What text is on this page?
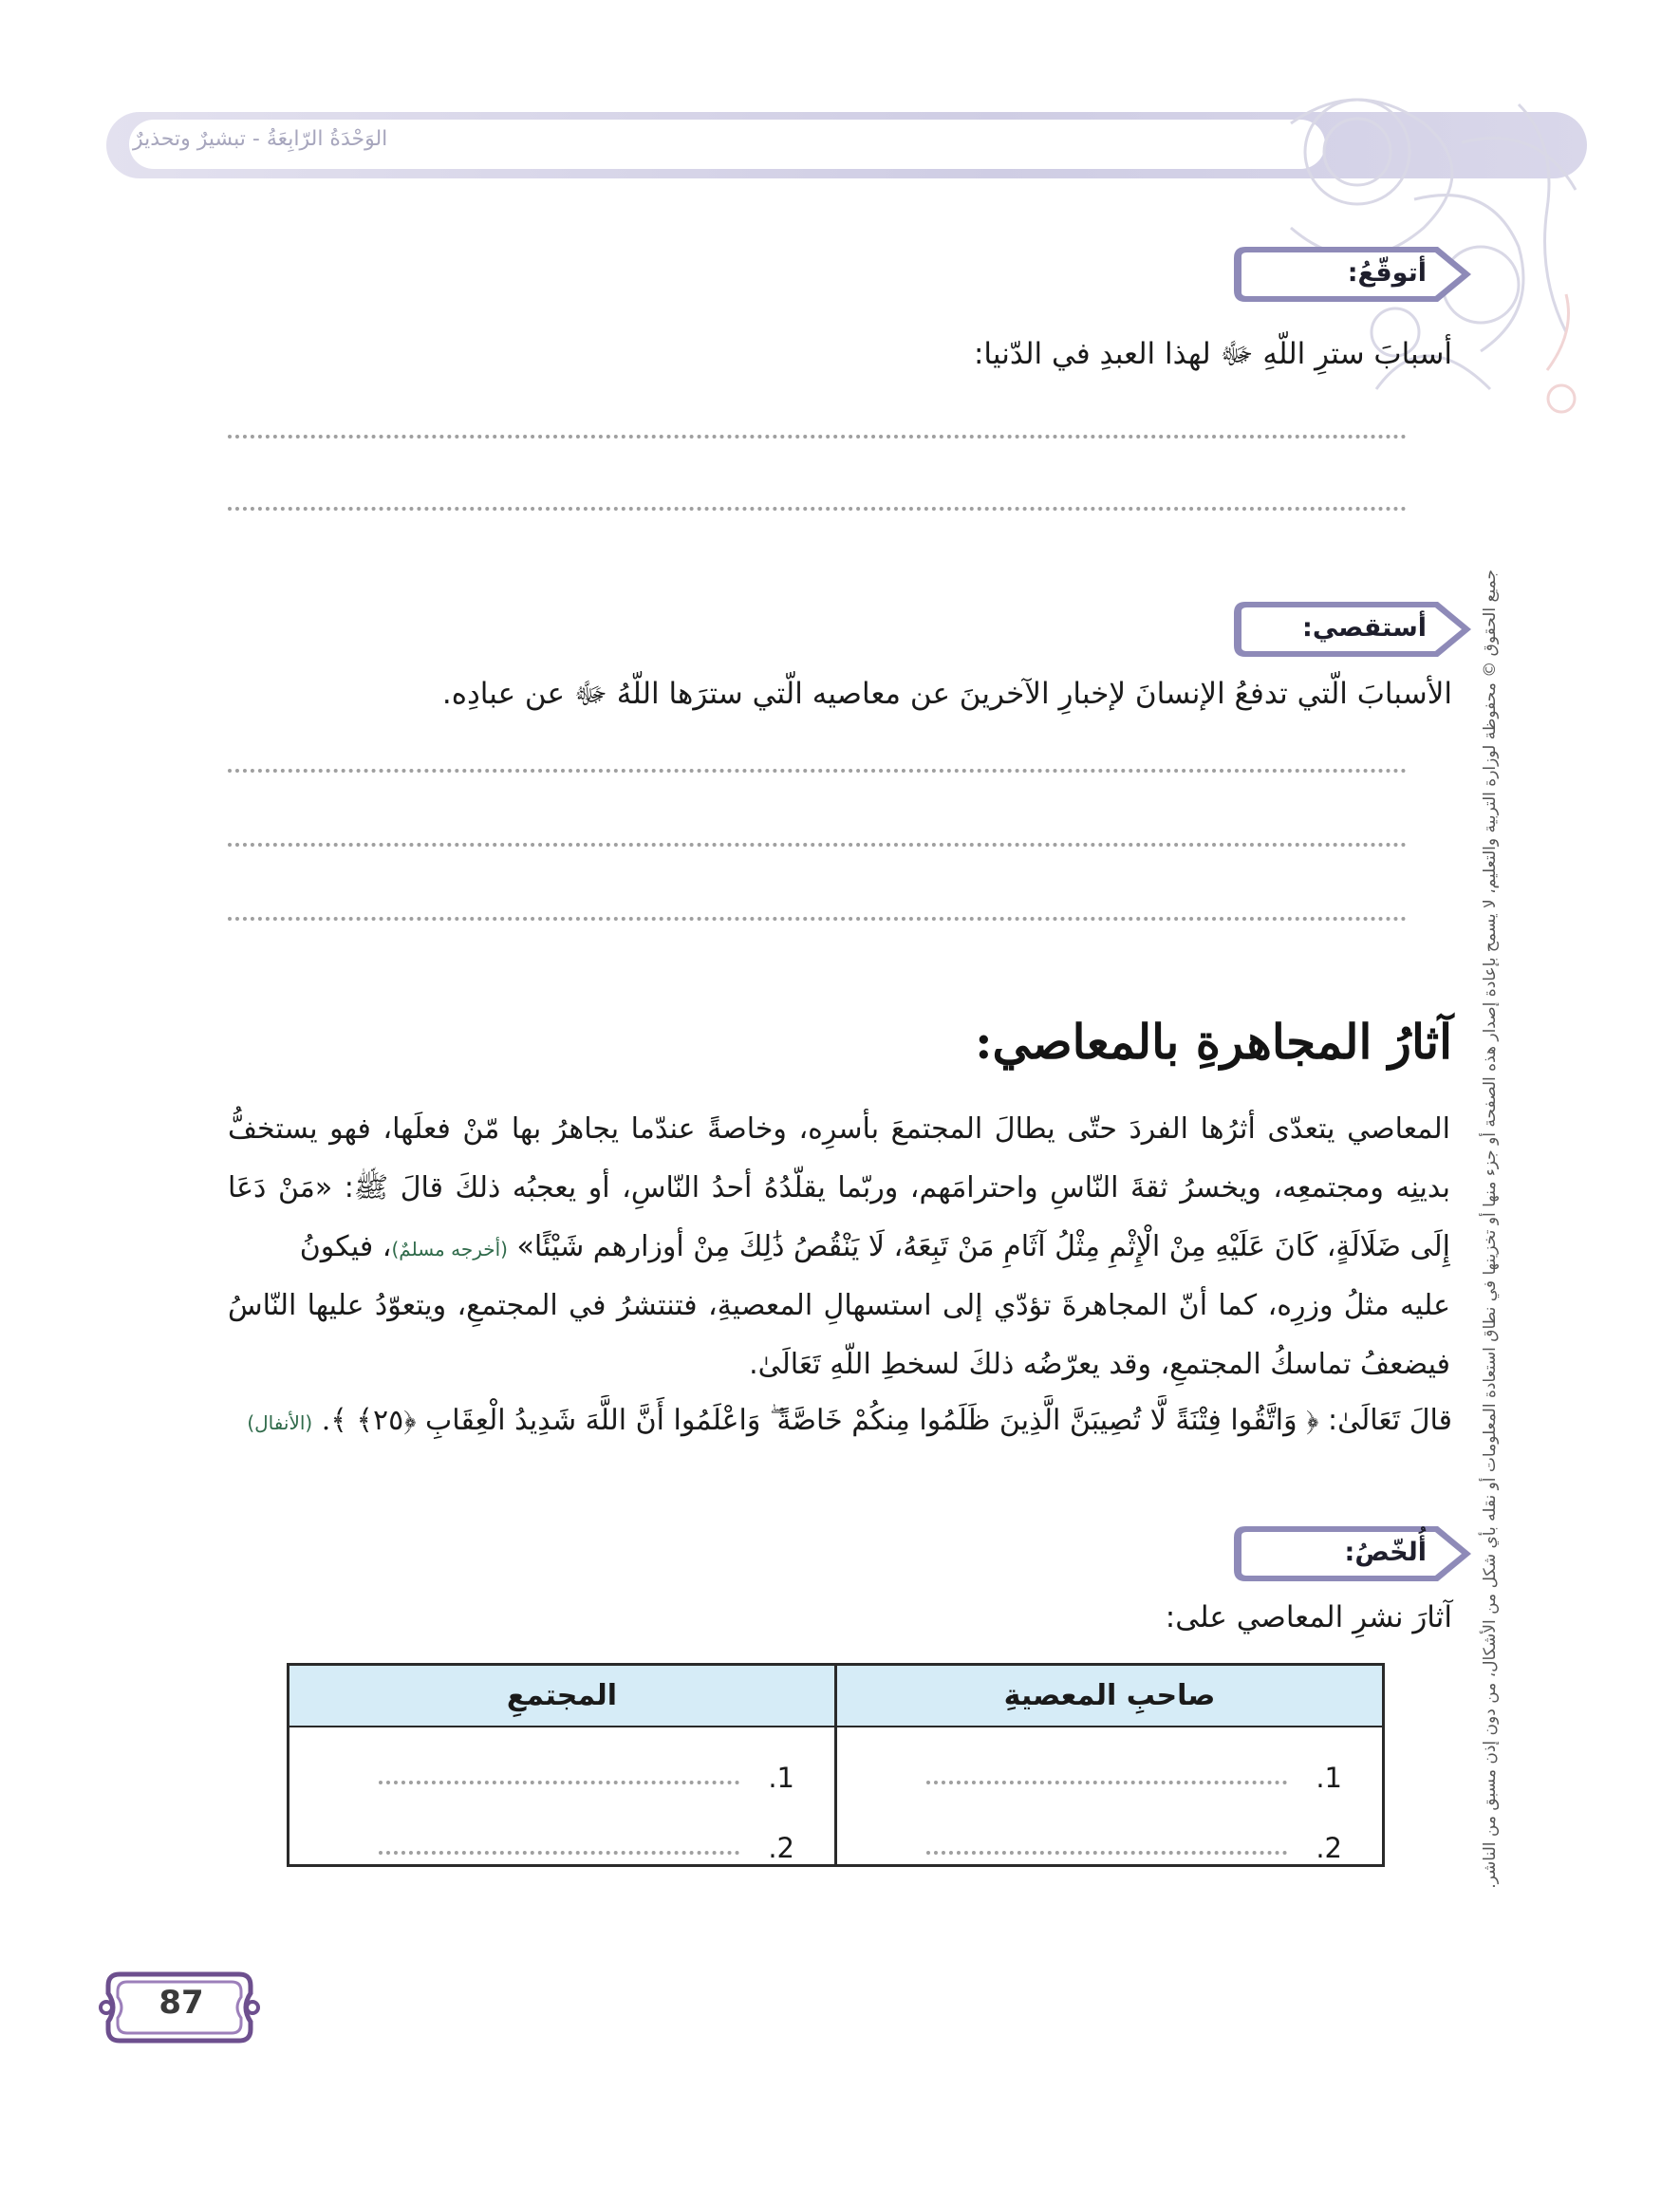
الوَحْدَةُ الرّابِعَةُ - تبشيرٌ وتحذيرٌ
أتوقّعُ:
أسبابَ سترِ اللّهِ ﷻ لهذا العبدِ في الدّنيا:
أستقصي:
الأسبابَ الّتي تدفعُ الإنسانَ لإخبارِ الآخرينَ عن معاصيه الّتي سترَها اللّهُ ﷻ عن عبادِه.
آثارُ المجاهرةِ بالمعاصي:
المعاصي يتعدّى أثرُها الفردَ حتّى يطالَ المجتمعَ بأسرِه، وخاصةً عندّما يجاهرُ بها مّنْ فعلَها، فهو يستخفُّ
بدينِه ومجتمعِه، ويخسرُ ثقةَ النّاسِ واحترامَهم، وربّما يقلّدُهُ أحدُ النّاسِ، أو يعجبُه ذلكَ قالَ ﷺ: «مَنْ دَعَا
إِلَى ضَلَالَةٍ، كَانَ عَلَيْهِ مِنْ الْإِثْمِ مِثْلُ آثَامِ مَنْ تَبِعَهُ، لَا يَنْقُصُ ذَٰلِكَ مِنْ أوزارهم شَيْئًا» (أخرجه مسلمٌ)، فيكونُ
عليه مثلُ وزرِه، كما أنّ المجاهرةَ تؤدّي إلى استسهالِ المعصيةِ، فتنتشرُ في المجتمعِ، ويتعوّدُ عليها النّاسُ
فيضعفُ تماسكُ المجتمعِ، وقد يعرّضُه ذلكَ لسخطِ اللّهِ تَعَالَىٰ.
قالَ تَعَالَىٰ: ﴿ وَاتَّقُوا فِتْنَةً لَّا تُصِيبَنَّ الَّذِينَ ظَلَمُوا مِنكُمْ خَاصَّةً ۖ وَاعْلَمُوا أَنَّ اللَّهَ شَدِيدُ الْعِقَابِ ﴿٢٥﴾ ﴾. (الأنفال)
أُلخّصُ:
آثارَ نشرِ المعاصي على:
صاحبِ المعصيةِ	المجتمعِ

1.	1.

2.	2.	جميع الحقوق © محفوظة لوزارة التربية والتعليم، لا يسمح بإعادة إصدار هذه الصفحة أو جزء منها أو تخزينها في نطاق استعادة المعلومات أو نقله بأي شكل من الأشكال، من دون إذن مسبق من الناشر.
87
